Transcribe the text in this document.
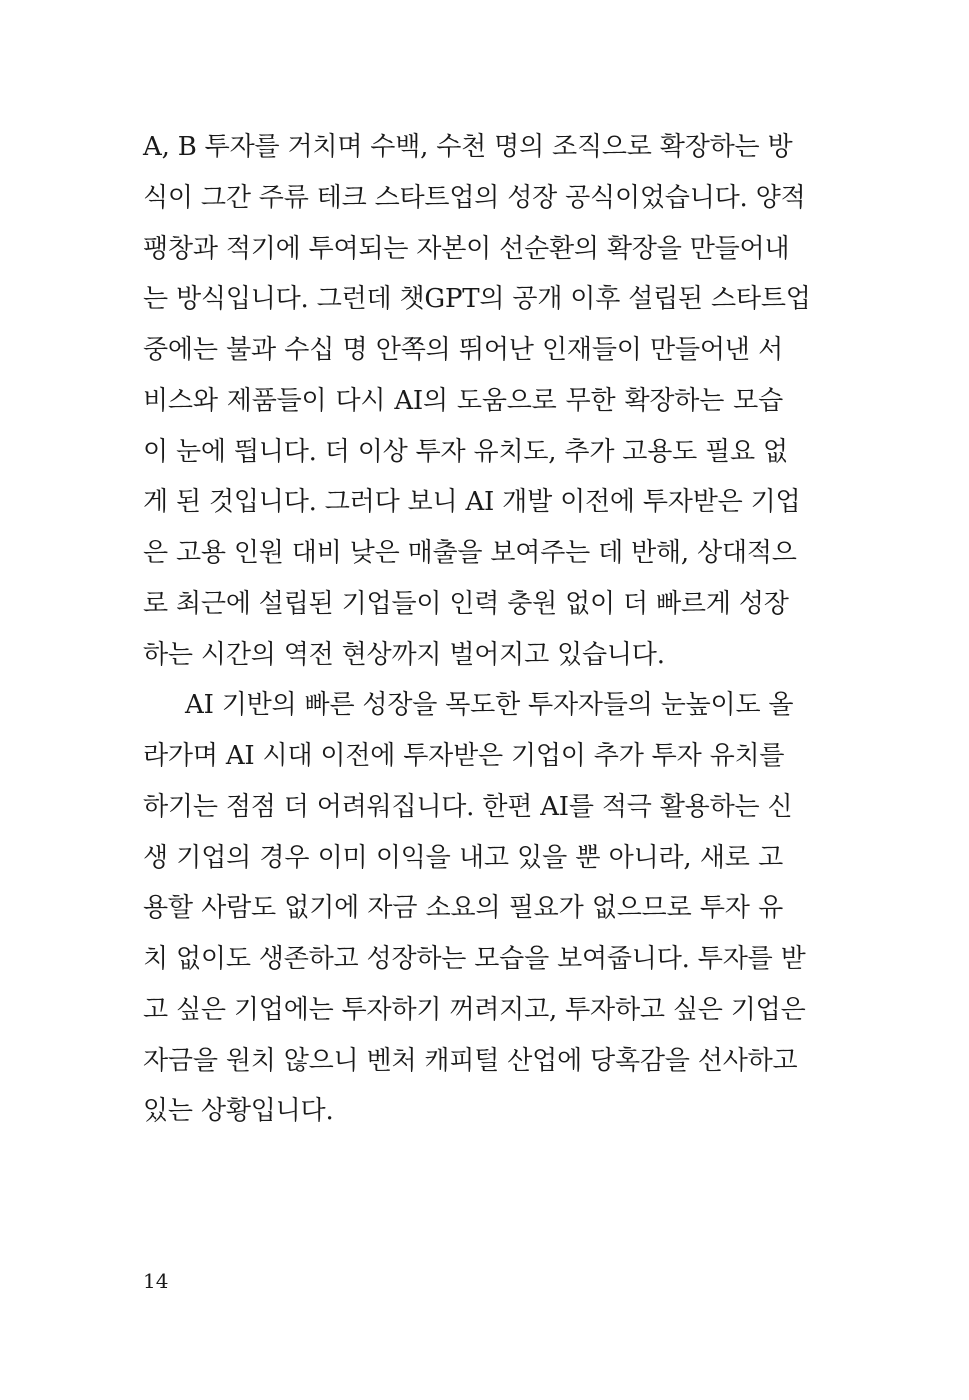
A, B 투자를 거치며 수백, 수천 명의 조직으로 확장하는 방
식이 그간 주류 테크 스타트업의 성장 공식이었습니다. 양적
팽창과 적기에 투여되는 자본이 선순환의 확장을 만들어내
는 방식입니다. 그런데 챗GPT의 공개 이후 설립된 스타트업
중에는 불과 수십 명 안쪽의 뛰어난 인재들이 만들어낸 서
비스와 제품들이 다시 AI의 도움으로 무한 확장하는 모습
이 눈에 띕니다. 더 이상 투자 유치도, 추가 고용도 필요 없
게 된 것입니다. 그러다 보니 AI 개발 이전에 투자받은 기업
은 고용 인원 대비 낮은 매출을 보여주는 데 반해, 상대적으
로 최근에 설립된 기업들이 인력 충원 없이 더 빠르게 성장
하는 시간의 역전 현상까지 벌어지고 있습니다.
AI 기반의 빠른 성장을 목도한 투자자들의 눈높이도 올
라가며 AI 시대 이전에 투자받은 기업이 추가 투자 유치를
하기는 점점 더 어려워집니다. 한편 AI를 적극 활용하는 신
생 기업의 경우 이미 이익을 내고 있을 뿐 아니라, 새로 고
용할 사람도 없기에 자금 소요의 필요가 없으므로 투자 유
치 없이도 생존하고 성장하는 모습을 보여줍니다. 투자를 받
고 싶은 기업에는 투자하기 꺼려지고, 투자하고 싶은 기업은
자금을 원치 않으니 벤처 캐피털 산업에 당혹감을 선사하고
있는 상황입니다.
14
